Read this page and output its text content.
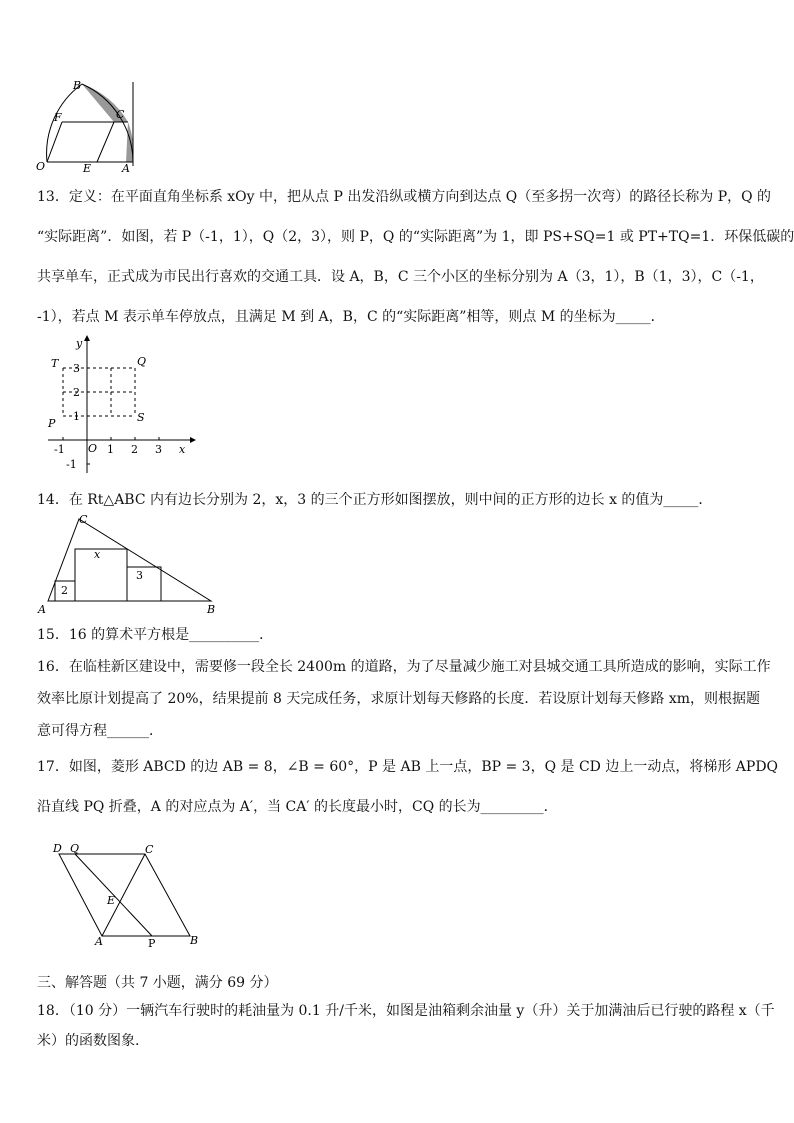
B
F	C
O	E	A
13．定义：在平面直角坐标系 xOy 中，把从点 P 出发沿纵或横方向到达点 Q（至多拐一次弯）的路径长称为 P，Q 的
“实际距离”．如图，若 P（-1，1），Q（2，3），则 P，Q 的“实际距离”为 1，即 PS+SQ=1 或 PT+TQ=1．环保低碳的
共享单车，正式成为市民出行喜欢的交通工具．设 A，B，C 三个小区的坐标分别为 A（3，1），B（1，3），C（-1，
-1），若点 M 表示单车停放点，且满足 M 到 A，B，C 的“实际距离”相等，则点 M 的坐标为_____．
y
x
T	Q
P	S
O
3
2
1
-1
-1	1 2 3
14．在 Rt△ABC 内有边长分别为 2，x，3 的三个正方形如图摆放，则中间的正方形的边长 x 的值为_____．
C
A	B
x
2
3
15．16 的算术平方根是__________．
16．在临桂新区建设中，需要修一段全长 2400m 的道路，为了尽量减少施工对县城交通工具所造成的影响，实际工作
效率比原计划提高了 20%，结果提前 8 天完成任务，求原计划每天修路的长度．若设原计划每天修路 xm，则根据题
意可得方程______．
17．如图，菱形 ABCD 的边 AB = 8，∠B = 60°，P 是 AB 上一点，BP = 3，Q 是 CD 边上一动点，将梯形 APDQ
沿直线 PQ 折叠，A 的对应点为 A′，当 CA′ 的长度最小时，CQ 的长为_________．
D Q	C
E
A	P	B
三、解答题（共 7 小题，满分 69 分）
18．（10 分）一辆汽车行驶时的耗油量为 0.1 升/千米，如图是油箱剩余油量 y（升）关于加满油后已行驶的路程 x（千
米）的函数图象.
